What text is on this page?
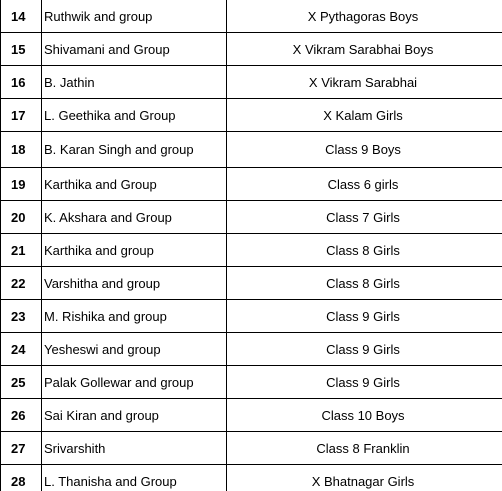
14	Ruthwik and group	X Pythagoras Boys
15	Shivamani and Group	X Vikram Sarabhai Boys
16	B. Jathin	X Vikram Sarabhai
17	L. Geethika and Group	X Kalam Girls
18	B. Karan Singh and group	Class 9 Boys
19	Karthika and Group	Class 6 girls
20	K. Akshara and Group	Class 7 Girls
21	Karthika and group	Class 8 Girls
22	Varshitha and group	Class 8 Girls
23	M. Rishika and group	Class 9 Girls
24	Yesheswi and group	Class 9 Girls
25	Palak Gollewar and group	Class 9 Girls
26	Sai Kiran and group	Class 10 Boys
27	Srivarshith	Class 8 Franklin
28	L. Thanisha and Group	X Bhatnagar Girls
